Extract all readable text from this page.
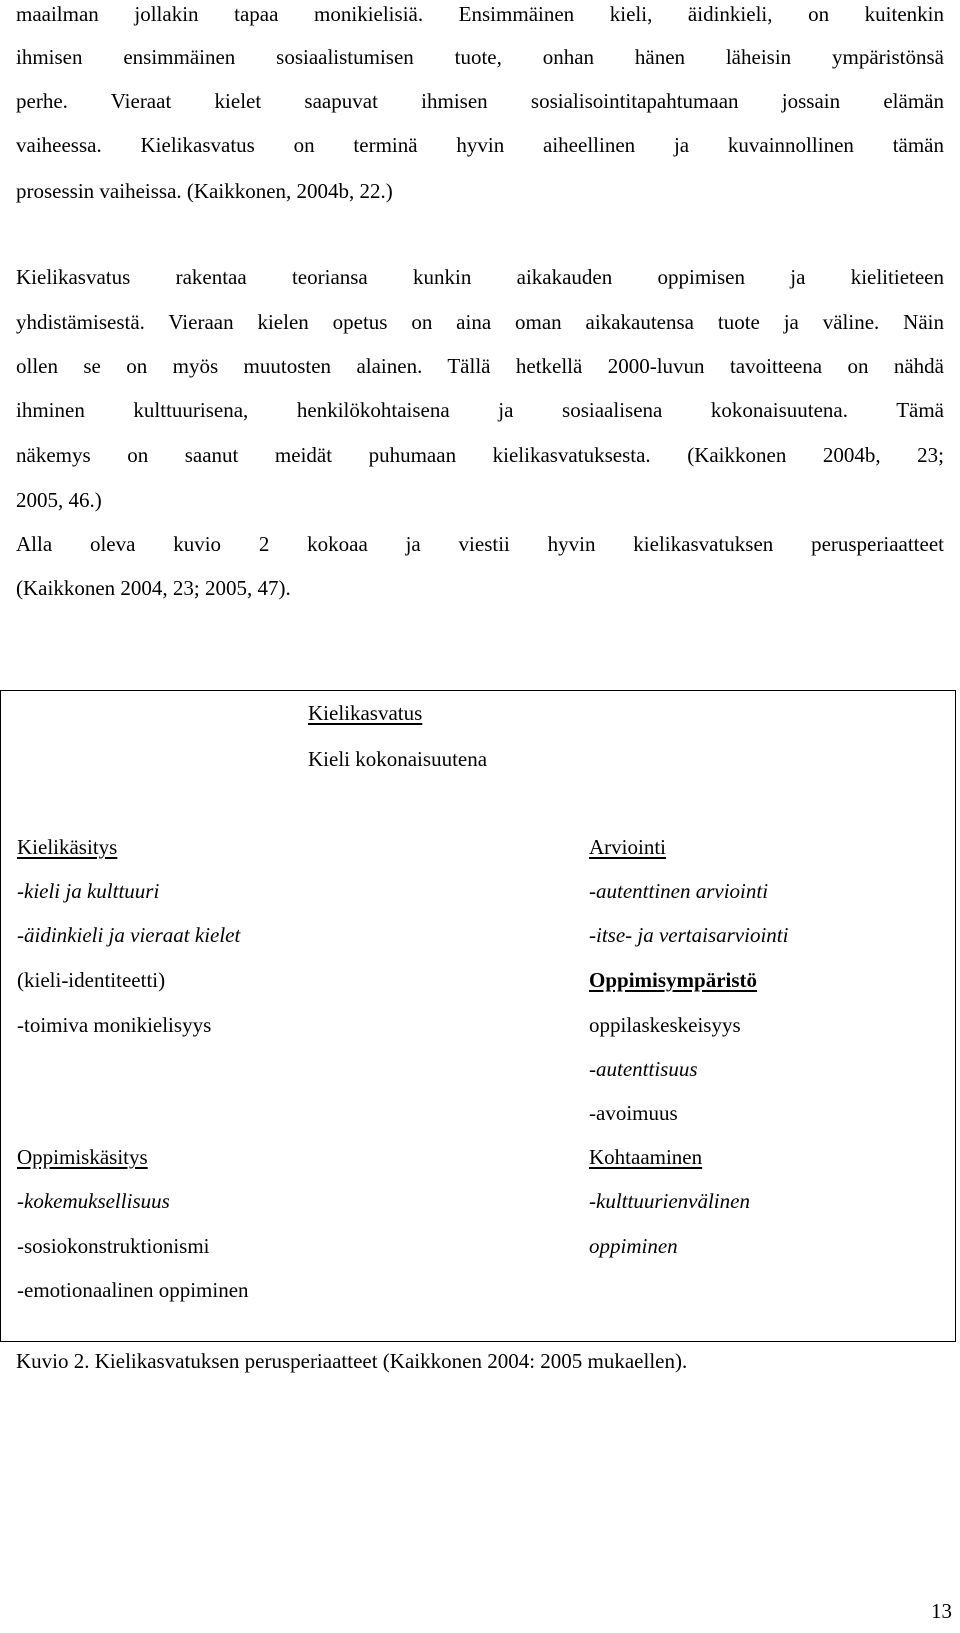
maailman jollakin tapaa monikielisiä. Ensimmäinen kieli, äidinkieli, on kuitenkin
ihmisen ensimmäinen sosiaalistumisen tuote, onhan hänen läheisin ympäristönsä
perhe. Vieraat kielet saapuvat ihmisen sosialisointitapahtumaan jossain elämän
vaiheessa. Kielikasvatus on terminä hyvin aiheellinen ja kuvainnollinen tämän
prosessin vaiheissa. (Kaikkonen, 2004b, 22.)
Kielikasvatus rakentaa teoriansa kunkin aikakauden oppimisen ja kielitieteen
yhdistämisestä. Vieraan kielen opetus on aina oman aikakautensa tuote ja väline. Näin
ollen se on myös muutosten alainen. Tällä hetkellä 2000-luvun tavoitteena on nähdä
ihminen kulttuurisena, henkilökohtaisena ja sosiaalisena kokonaisuutena. Tämä
näkemys on saanut meidät puhumaan kielikasvatuksesta. (Kaikkonen 2004b, 23;
2005, 46.)
Alla oleva kuvio 2 kokoaa ja viestii hyvin kielikasvatuksen perusperiaatteet
(Kaikkonen 2004, 23; 2005, 47).
Kielikasvatus
Kieli kokonaisuutena
Kielikäsitys
-kieli ja kulttuuri
-äidinkieli ja vieraat kielet
(kieli-identiteetti)
-toimiva monikielisyys
Oppimiskäsitys
-kokemuksellisuus
-sosiokonstruktionismi
-emotionaalinen oppiminen
Arviointi
-autenttinen arviointi
-itse- ja vertaisarviointi
Oppimisympäristö
oppilaskeskeisyys
-autenttisuus
-avoimuus
Kohtaaminen
-kulttuurienvälinen
oppiminen
Kuvio 2. Kielikasvatuksen perusperiaatteet (Kaikkonen 2004: 2005 mukaellen).
13
